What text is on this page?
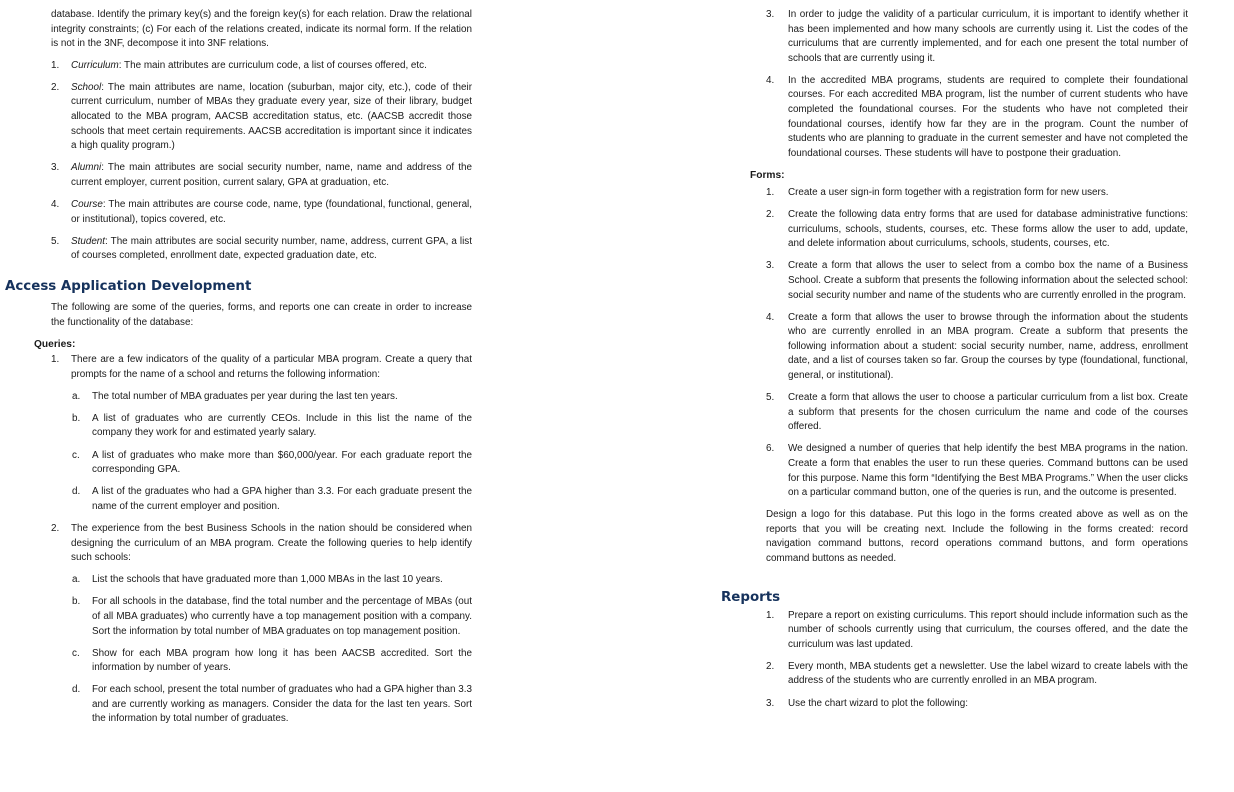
database. Identify the primary key(s) and the foreign key(s) for each relation. Draw the relational integrity constraints; (c) For each of the relations created, indicate its normal form. If the relation is not in the 3NF, decompose it into 3NF relations.

1. Curriculum: The main attributes are curriculum code, a list of courses offered, etc.

2. School: The main attributes are name, location (suburban, major city, etc.), code of their current curriculum, number of MBAs they graduate every year, size of their library, budget allocated to the MBA program, AACSB accreditation status, etc. (AACSB accredit those schools that meet certain requirements. AACSB accreditation is important since it indicates a high quality program.)

3. Alumni: The main attributes are social security number, name, name and address of the current employer, current position, current salary, GPA at graduation, etc.

4. Course: The main attributes are course code, name, type (foundational, functional, general, or institutional), topics covered, etc.

5. Student: The main attributes are social security number, name, address, current GPA, a list of courses completed, enrollment date, expected graduation date, etc.

Access Application Development

The following are some of the queries, forms, and reports one can create in order to increase the functionality of the database:

Queries:
1. There are a few indicators of the quality of a particular MBA program. Create a query that prompts for the name of a school and returns the following information:

a. The total number of MBA graduates per year during the last ten years.

b. A list of graduates who are currently CEOs. Include in this list the name of the company they work for and estimated yearly salary.

c. A list of graduates who make more than $60,000/year. For each graduate report the corresponding GPA.

d. A list of the graduates who had a GPA higher than 3.3. For each graduate present the name of the current employer and position.

2. The experience from the best Business Schools in the nation should be considered when designing the curriculum of an MBA program. Create the following queries to help identify such schools:

a. List the schools that have graduated more than 1,000 MBAs in the last 10 years.

b. For all schools in the database, find the total number and the percentage of MBAs (out of all MBA graduates) who currently have a top management position with a company. Sort the information by total number of MBA graduates on top management position.

c. Show for each MBA program how long it has been AACSB accredited. Sort the information by number of years.

d. For each school, present the total number of graduates who had a GPA higher than 3.3 and are currently working as managers. Consider the data for the last ten years. Sort the information by total number of graduates.

3. In order to judge the validity of a particular curriculum, it is important to identify whether it has been implemented and how many schools are currently using it. List the codes of the curriculums that are currently implemented, and for each one present the total number of schools that are currently using it.

4. In the accredited MBA programs, students are required to complete their foundational courses. For each accredited MBA program, list the number of current students who have completed the foundational courses. For the students who have not completed their foundational courses, identify how far they are in the program. Count the number of students who are planning to graduate in the current semester and have not completed the foundational courses. These students will have to postpone their graduation.

Forms:
1. Create a user sign-in form together with a registration form for new users.

2. Create the following data entry forms that are used for database administrative functions: curriculums, schools, students, courses, etc. These forms allow the user to add, update, and delete information about curriculums, schools, students, courses, etc.

3. Create a form that allows the user to select from a combo box the name of a Business School. Create a subform that presents the following information about the selected school: social security number and name of the students who are currently enrolled in the program.

4. Create a form that allows the user to browse through the information about the students who are currently enrolled in an MBA program. Create a subform that presents the following information about a student: social security number, name, address, enrollment date, and a list of courses taken so far. Group the courses by type (foundational, functional, general, or institutional).

5. Create a form that allows the user to choose a particular curriculum from a list box. Create a subform that presents for the chosen curriculum the name and code of the courses offered.

6. We designed a number of queries that help identify the best MBA programs in the nation. Create a form that enables the user to run these queries. Command buttons can be used for this purpose. Name this form “Identifying the Best MBA Programs.” When the user clicks on a particular command button, one of the queries is run, and the outcome is presented.

Design a logo for this database. Put this logo in the forms created above as well as on the reports that you will be creating next. Include the following in the forms created: record navigation command buttons, record operations command buttons, and form operations command buttons as needed.

Reports
1. Prepare a report on existing curriculums. This report should include information such as the number of schools currently using that curriculum, the courses offered, and the date the curriculum was last updated.

2. Every month, MBA students get a newsletter. Use the label wizard to create labels with the address of the students who are currently enrolled in an MBA program.

3. Use the chart wizard to plot the following:
